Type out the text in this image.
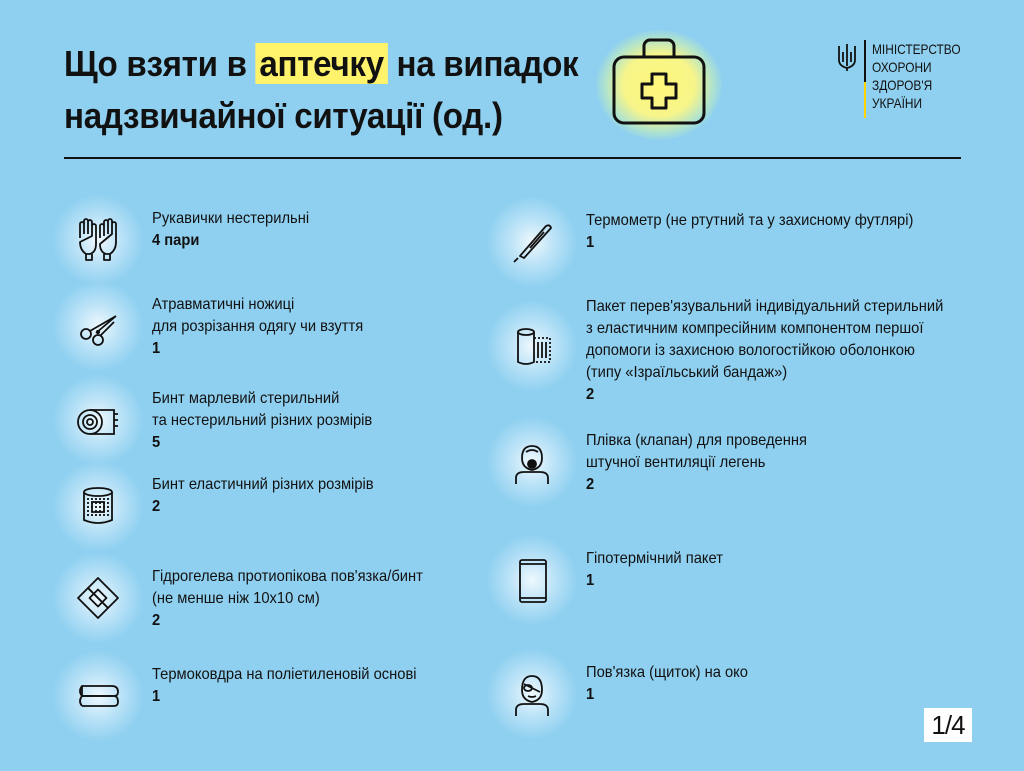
Що взяти в аптечку на випадок
надзвичайної ситуації (од.)
МІНІСТЕРСТВО
ОХОРОНИ
ЗДОРОВ'Я
УКРАЇНИ
Рукавички нестерильні
4 пари
Атравматичні ножиці
для розрізання одягу чи взуття
1
Бинт марлевий стерильний
та нестерильний різних розмірів
5
Бинт еластичний різних розмірів
2
Гідрогелева протиопікова пов'язка/бинт
(не менше ніж 10x10 см)
2
Термоковдра на поліетиленовій основі
1
Термометр (не ртутний та у захисному футлярі)
1
Пакет перев'язувальний індивідуальний стерильний
з еластичним компресійним компонентом першої
допомоги із захисною вологостійкою оболонкою
(типу «Ізраїльський бандаж»)
2
Плівка (клапан) для проведення
штучної вентиляції легень
2
Гіпотермічний пакет
1
Пов'язка (щиток) на око
1
1/4
